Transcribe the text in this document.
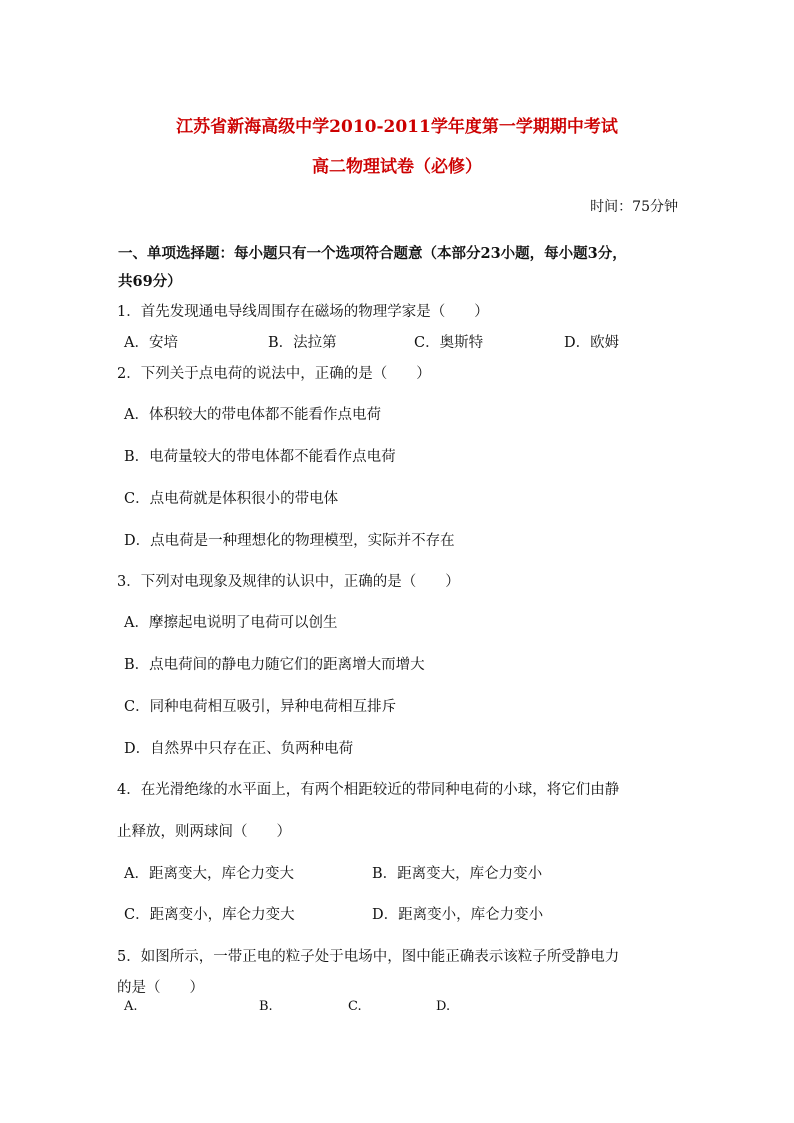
江苏省新海高级中学2010-2011学年度第一学期期中考试
高二物理试卷（必修）
时间：75分钟
一、单项选择题：每小题只有一个选项符合题意（本部分23小题，每小题3分，
共69分）
1．首先发现通电导线周围存在磁场的物理学家是（　　）
A．安培	B．法拉第	C．奥斯特	D．欧姆
2．下列关于点电荷的说法中，正确的是（　　）
A．体积较大的带电体都不能看作点电荷
B．电荷量较大的带电体都不能看作点电荷
C．点电荷就是体积很小的带电体
D．点电荷是一种理想化的物理模型，实际并不存在
3．下列对电现象及规律的认识中，正确的是（　　）
A．摩擦起电说明了电荷可以创生
B．点电荷间的静电力随它们的距离增大而增大
C．同种电荷相互吸引，异种电荷相互排斥
D．自然界中只存在正、负两种电荷
4．在光滑绝缘的水平面上，有两个相距较近的带同种电荷的小球，将它们由静
止释放，则两球间（　　）
A．距离变大，库仑力变大	B．距离变大，库仑力变小
C．距离变小，库仑力变大	D．距离变小，库仑力变小
5．如图所示，一带正电的粒子处于电场中，图中能正确表示该粒子所受静电力
的是（　　）
A.	B.	C.	D.
